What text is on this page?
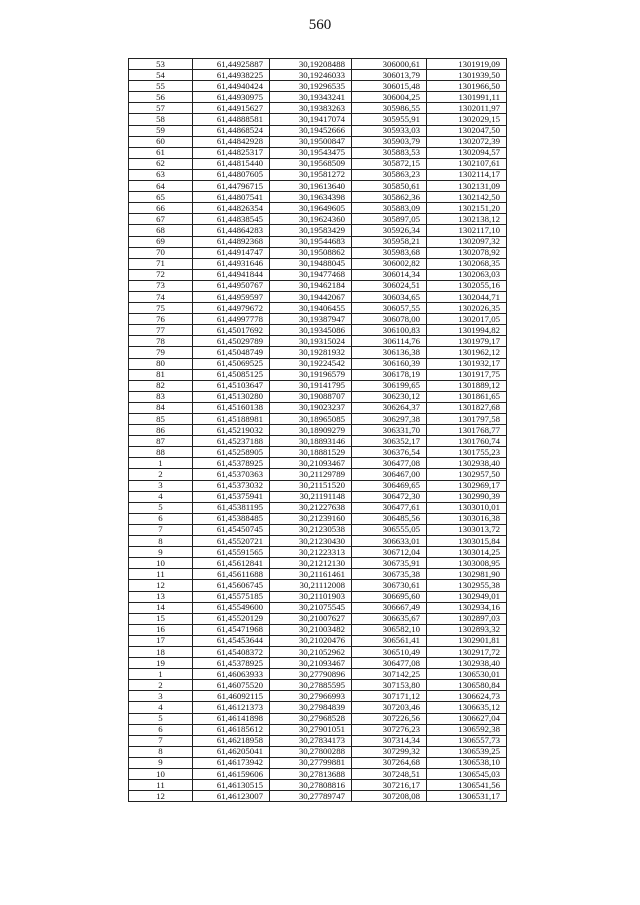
560
53	61,44925887	30,19208488	306000,61	1301919,09
54	61,44938225	30,19246033	306013,79	1301939,50
55	61,44940424	30,19296535	306015,48	1301966,50
56	61,44930975	30,19343241	306004,25	1301991,11
57	61,44915627	30,19383263	305986,55	1302011,97
58	61,44888581	30,19417074	305955,91	1302029,15
59	61,44868524	30,19452666	305933,03	1302047,50
60	61,44842928	30,19500847	305903,79	1302072,39
61	61,44825317	30,19543475	305883,53	1302094,57
62	61,44815440	30,19568509	305872,15	1302107,61
63	61,44807605	30,19581272	305863,23	1302114,17
64	61,44796715	30,19613640	305850,61	1302131,09
65	61,44807541	30,19634398	305862,36	1302142,50
66	61,44826354	30,19649605	305883,09	1302151,20
67	61,44838545	30,19624360	305897,05	1302138,12
68	61,44864283	30,19583429	305926,34	1302117,10
69	61,44892368	30,19544683	305958,21	1302097,32
70	61,44914747	30,19508862	305983,68	1302078,92
71	61,44931646	30,19488045	306002,82	1302068,35
72	61,44941844	30,19477468	306014,34	1302063,03
73	61,44950767	30,19462184	306024,51	1302055,16
74	61,44959597	30,19442067	306034,65	1302044,71
75	61,44979672	30,19406455	306057,55	1302026,35
76	61,44997778	30,19387947	306078,00	1302017,05
77	61,45017692	30,19345086	306100,83	1301994,82
78	61,45029789	30,19315024	306114,76	1301979,17
79	61,45048749	30,19281932	306136,38	1301962,12
80	61,45069525	30,19224542	306160,39	1301932,17
81	61,45085125	30,19196579	306178,19	1301917,75
82	61,45103647	30,19141795	306199,65	1301889,12
83	61,45130280	30,19088707	306230,12	1301861,65
84	61,45160138	30,19023237	306264,37	1301827,68
85	61,45188981	30,18965085	306297,38	1301797,58
86	61,45219032	30,18909279	306331,70	1301768,77
87	61,45237188	30,18893146	306352,17	1301760,74
88	61,45258905	30,18881529	306376,54	1301755,23
1	61,45378925	30,21093467	306477,08	1302938,40
2	61,45370363	30,21129789	306467,00	1302957,50
3	61,45373032	30,21151520	306469,65	1302969,17
4	61,45375941	30,21191148	306472,30	1302990,39
5	61,45381195	30,21227638	306477,61	1303010,01
6	61,45388485	30,21239160	306485,56	1303016,38
7	61,45450745	30,21230538	306555,05	1303013,72
8	61,45520721	30,21230430	306633,01	1303015,84
9	61,45591565	30,21223313	306712,04	1303014,25
10	61,45612841	30,21212130	306735,91	1303008,95
11	61,45611688	30,21161461	306735,38	1302981,90
12	61,45606745	30,21112008	306730,61	1302955,38
13	61,45575185	30,21101903	306695,60	1302949,01
14	61,45549600	30,21075545	306667,49	1302934,16
15	61,45520129	30,21007627	306635,67	1302897,03
16	61,45471968	30,21003482	306582,10	1302893,32
17	61,45453644	30,21020476	306561,41	1302901,81
18	61,45408372	30,21052962	306510,49	1302917,72
19	61,45378925	30,21093467	306477,08	1302938,40
1	61,46063933	30,27790896	307142,25	1306530,01
2	61,46075520	30,27885595	307153,80	1306580,84
3	61,46092115	30,27966993	307171,12	1306624,73
4	61,46121373	30,27984839	307203,46	1306635,12
5	61,46141898	30,27968528	307226,56	1306627,04
6	61,46185612	30,27901051	307276,23	1306592,38
7	61,46218958	30,27834173	307314,34	1306557,73
8	61,46205041	30,27800288	307299,32	1306539,25
9	61,46173942	30,27799881	307264,68	1306538,10
10	61,46159606	30,27813688	307248,51	1306545,03
11	61,46130515	30,27808816	307216,17	1306541,56
12	61,46123007	30,27789747	307208,08	1306531,17
